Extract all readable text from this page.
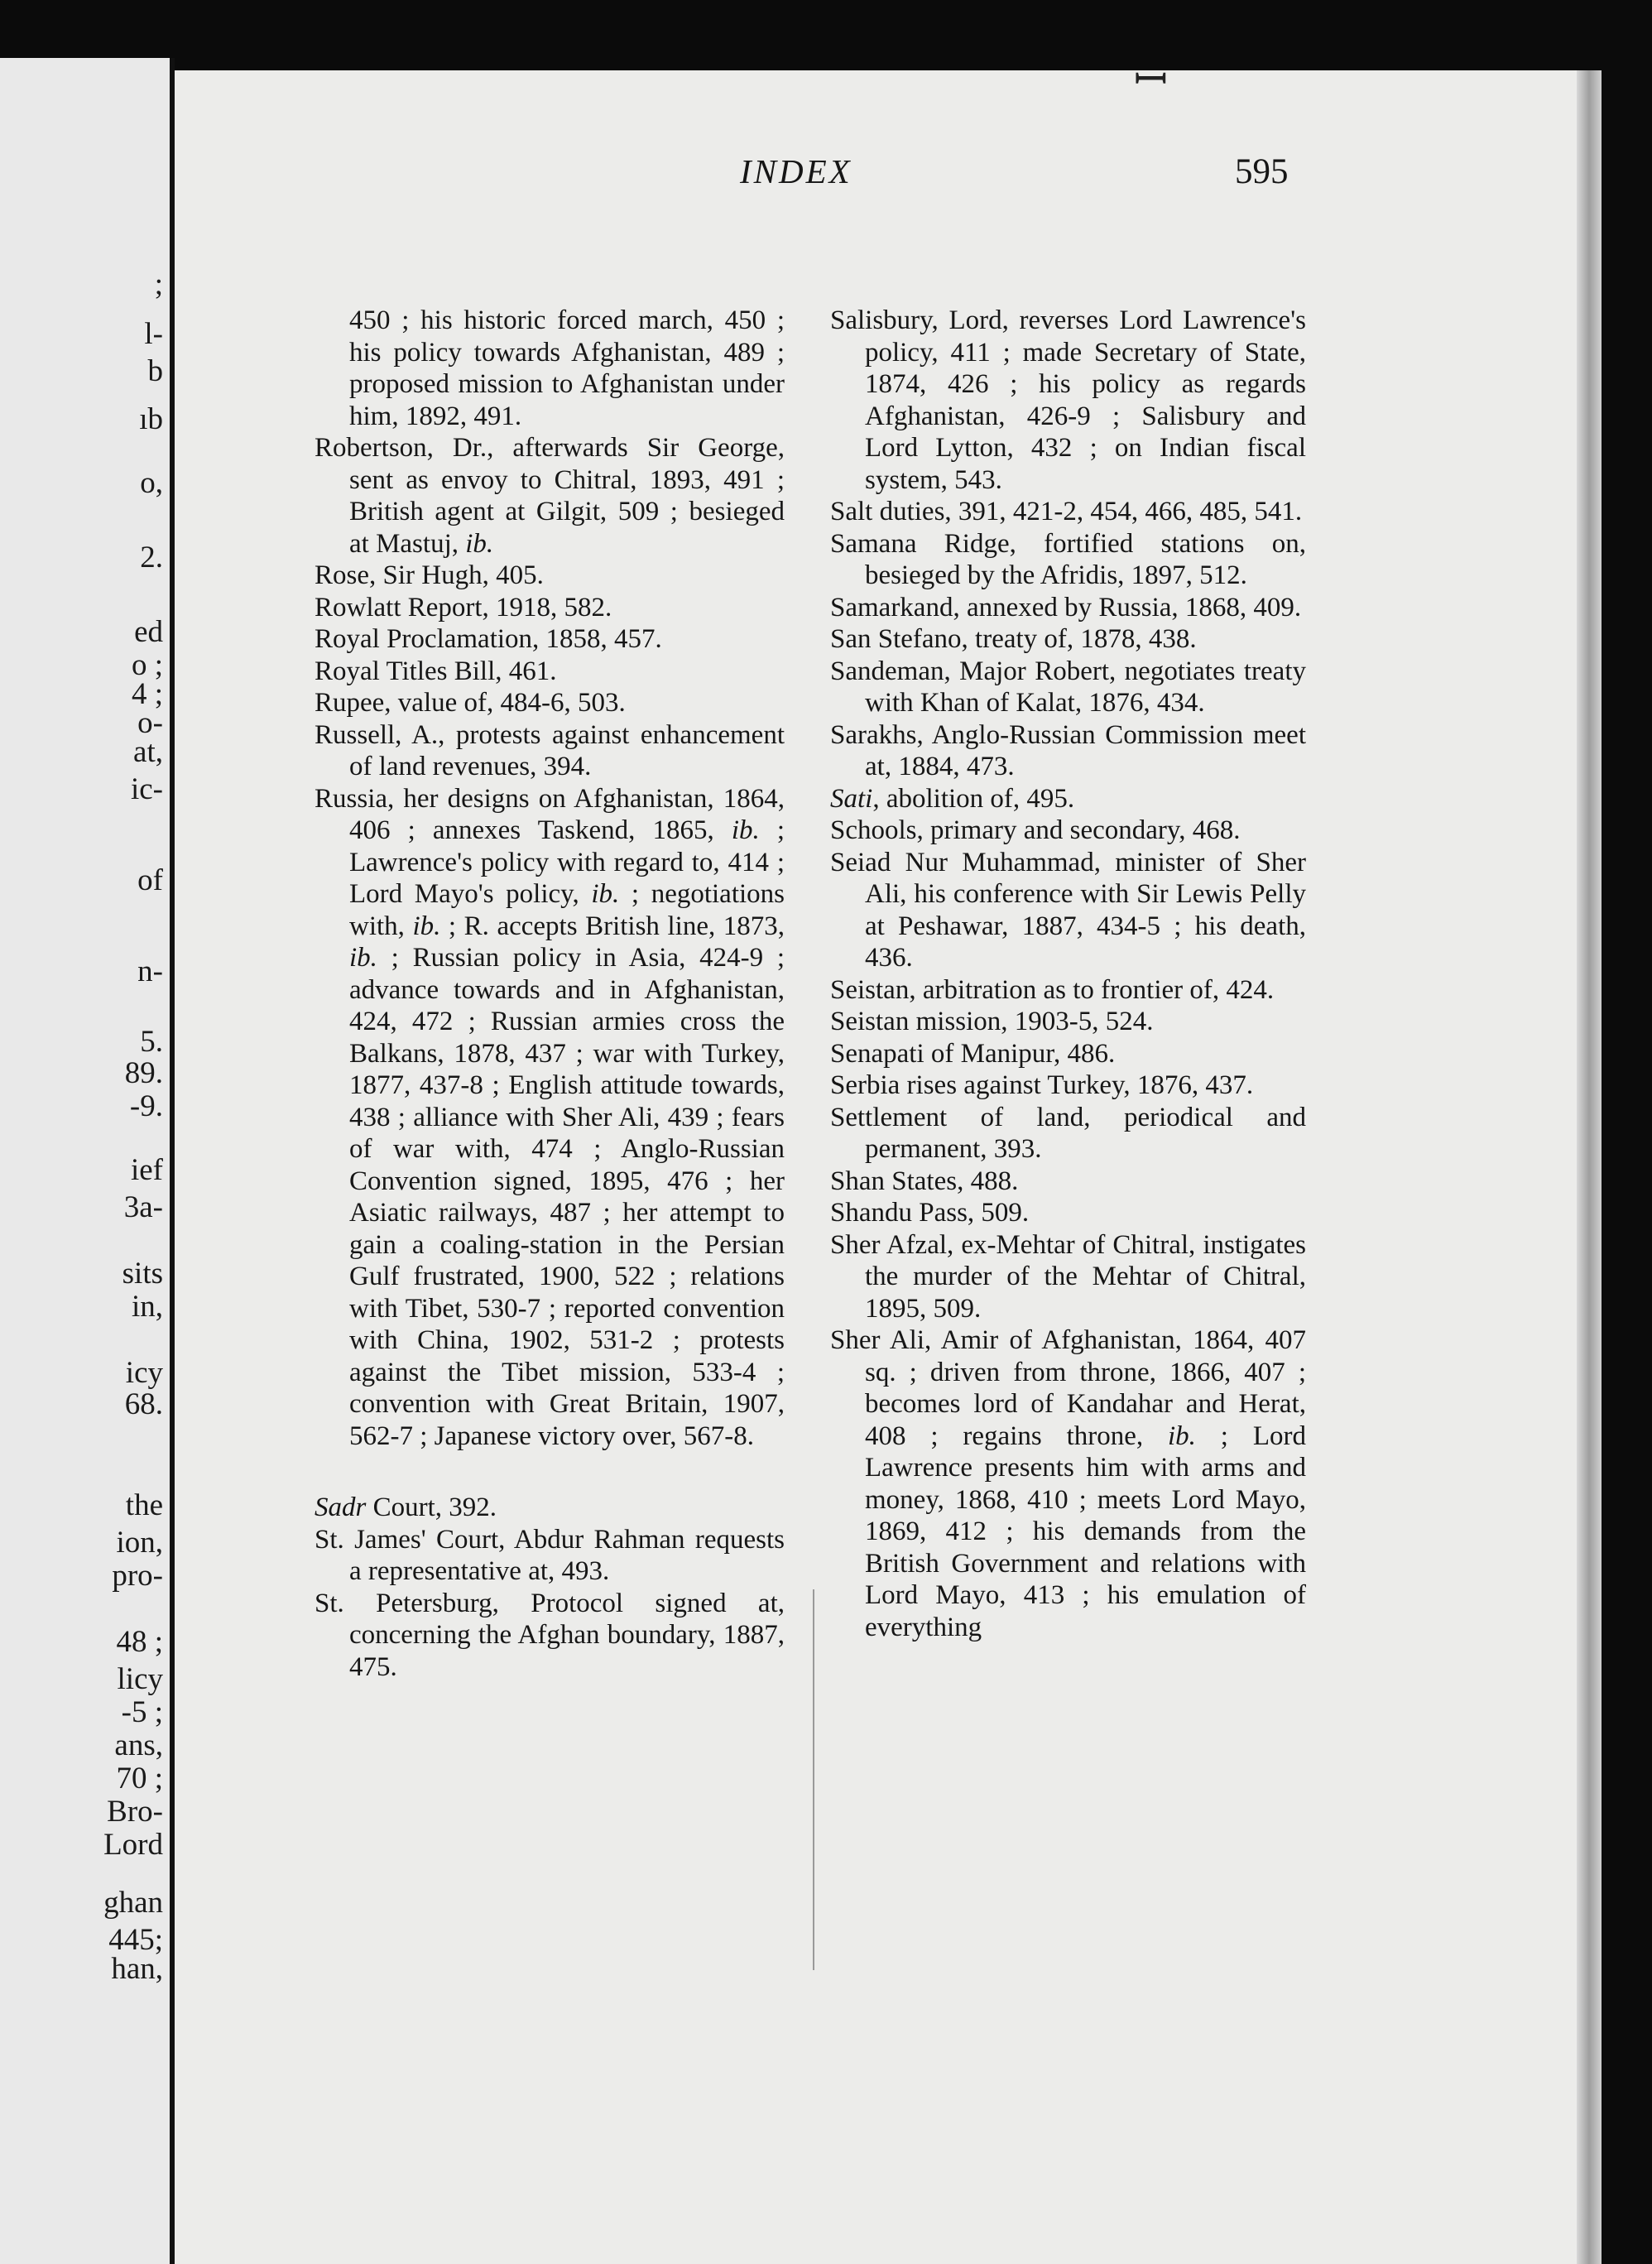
;
l-
b
ıb
o,
2.
ed
o ;
4 ;
o-
at,
ic-
of
n-
5.
89.
-9.
ief
3a-
sits
in,
icy
68.
the
ion,
pro-
48 ;
licy
-5 ;
ans,
70 ;
Bro-
Lord
ghan
445;
han,
ꟷ
INDEX	595

450 ; his historic forced march, 450 ; his policy towards Afghanistan, 489 ; proposed mission to Afghanistan under him, 1892, 491.

Robertson, Dr., afterwards Sir George, sent as envoy to Chitral, 1893, 491 ; British agent at Gilgit, 509 ; besieged at Mastuj, ib.

Rose, Sir Hugh, 405.

Rowlatt Report, 1918, 582.

Royal Proclamation, 1858, 457.

Royal Titles Bill, 461.

Rupee, value of, 484-6, 503.

Russell, A., protests against enhancement of land revenues, 394.

Russia, her designs on Afghanistan, 1864, 406 ; annexes Taskend, 1865, ib. ; Lawrence's policy with regard to, 414 ; Lord Mayo's policy, ib. ; negotiations with, ib. ; R. accepts British line, 1873, ib. ; Russian policy in Asia, 424-9 ; advance towards and in Afghanistan, 424, 472 ; Russian armies cross the Balkans, 1878, 437 ; war with Turkey, 1877, 437-8 ; English attitude towards, 438 ; alliance with Sher Ali, 439 ; fears of war with, 474 ; Anglo-Russian Convention signed, 1895, 476 ; her Asiatic railways, 487 ; her attempt to gain a coaling-station in the Persian Gulf frustrated, 1900, 522 ; relations with Tibet, 530-7 ; reported convention with China, 1902, 531-2 ; protests against the Tibet mission, 533-4 ; convention with Great Britain, 1907, 562-7 ; Japanese victory over, 567-8.

Sadr Court, 392.

St. James' Court, Abdur Rahman requests a representative at, 493.

St. Petersburg, Protocol signed at, concerning the Afghan boundary, 1887, 475.

Salisbury, Lord, reverses Lord Lawrence's policy, 411 ; made Secretary of State, 1874, 426 ; his policy as regards Afghanistan, 426-9 ; Salisbury and Lord Lytton, 432 ; on Indian fiscal system, 543.

Salt duties, 391, 421-2, 454, 466, 485, 541.

Samana Ridge, fortified stations on, besieged by the Afridis, 1897, 512.

Samarkand, annexed by Russia, 1868, 409.

San Stefano, treaty of, 1878, 438.

Sandeman, Major Robert, negotiates treaty with Khan of Kalat, 1876, 434.

Sarakhs, Anglo-Russian Commission meet at, 1884, 473.

Sati, abolition of, 495.

Schools, primary and secondary, 468.

Seiad Nur Muhammad, minister of Sher Ali, his conference with Sir Lewis Pelly at Peshawar, 1887, 434-5 ; his death, 436.

Seistan, arbitration as to frontier of, 424.

Seistan mission, 1903-5, 524.

Senapati of Manipur, 486.

Serbia rises against Turkey, 1876, 437.

Settlement of land, periodical and permanent, 393.

Shan States, 488.

Shandu Pass, 509.

Sher Afzal, ex-Mehtar of Chitral, instigates the murder of the Mehtar of Chitral, 1895, 509.

Sher Ali, Amir of Afghanistan, 1864, 407 sq. ; driven from throne, 1866, 407 ; becomes lord of Kandahar and Herat, 408 ; regains throne, ib. ; Lord Lawrence presents him with arms and money, 1868, 410 ; meets Lord Mayo, 1869, 412 ; his demands from the British Government and relations with Lord Mayo, 413 ; his emulation of everything
